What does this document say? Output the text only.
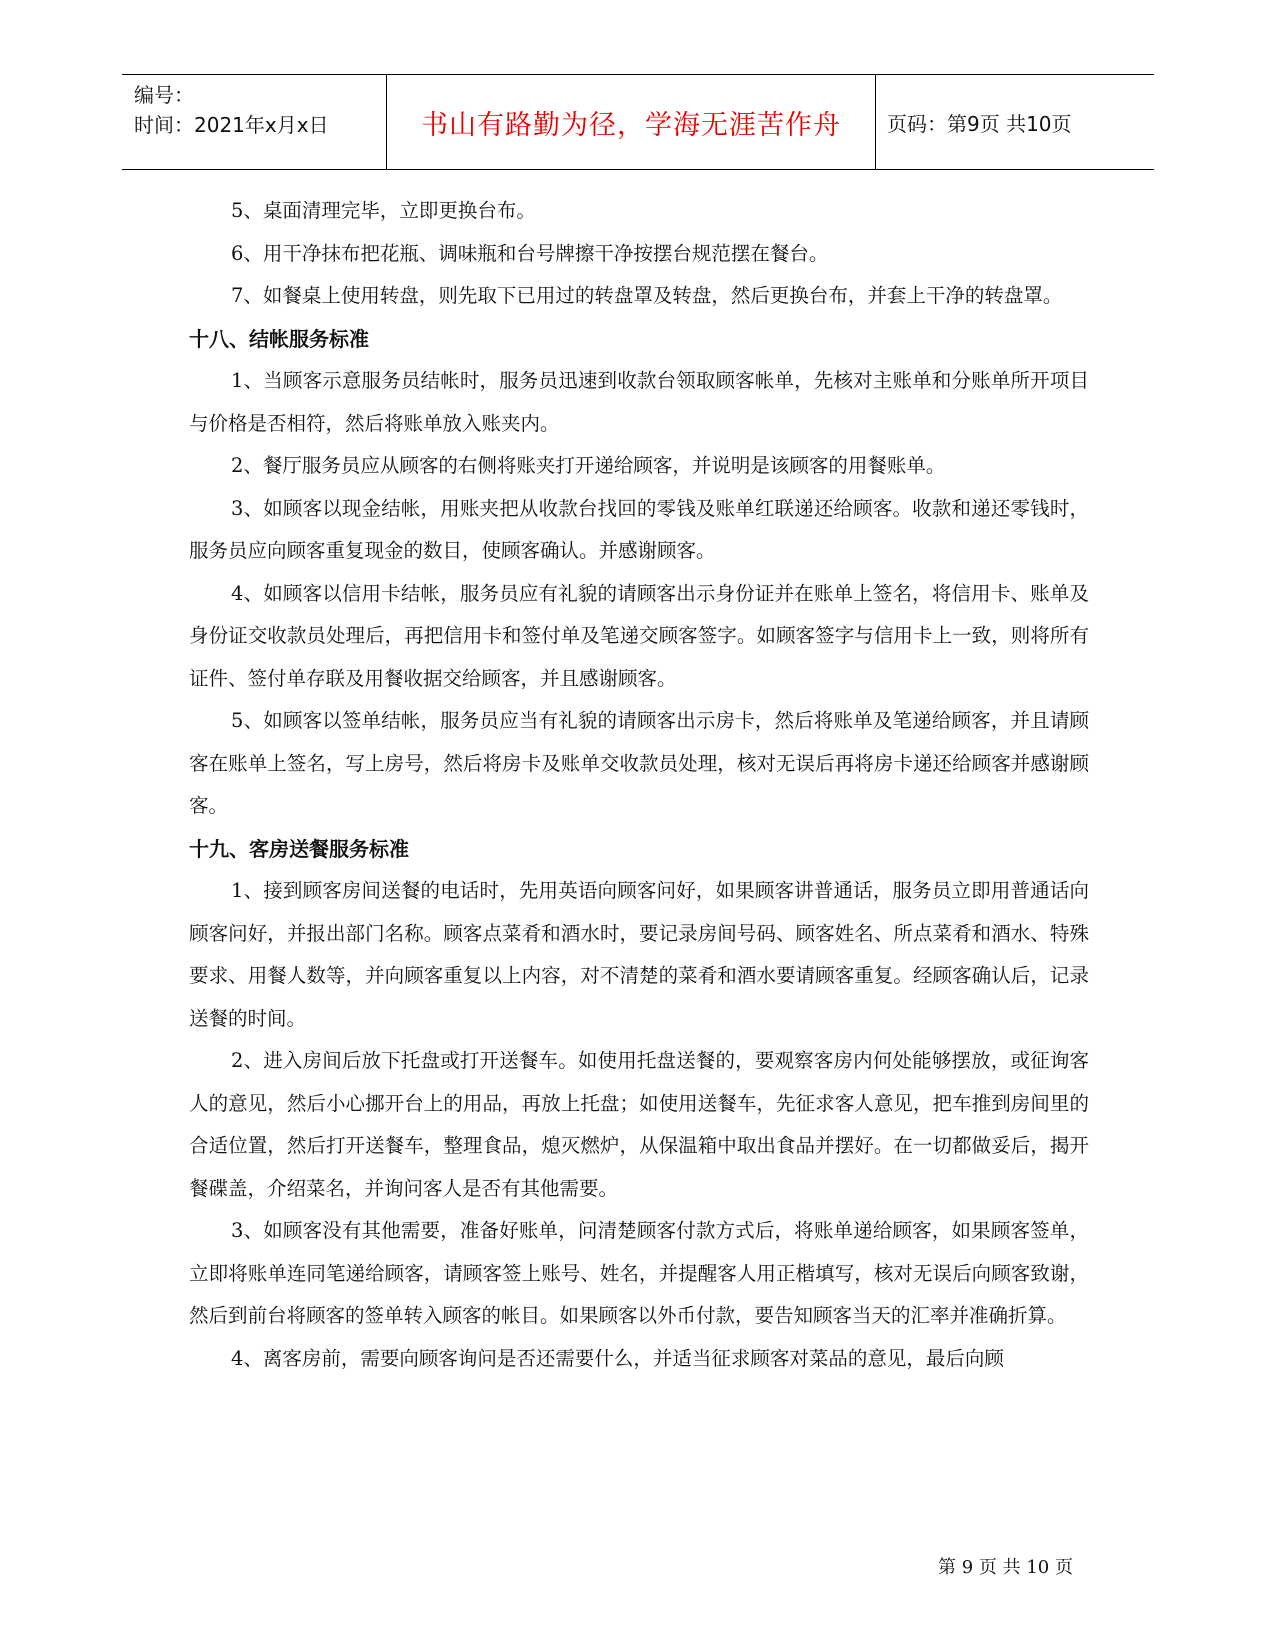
编号：
时间：2021年x月x日	书山有路勤为径，学海无涯苦作舟 页码：第9页 共10页

5、桌面清理完毕，立即更换台布。

6、用干净抹布把花瓶、调味瓶和台号牌擦干净按摆台规范摆在餐台。

7、如餐桌上使用转盘，则先取下已用过的转盘罩及转盘，然后更换台布，并套上干净的转盘罩。

十八、结帐服务标准

1、当顾客示意服务员结帐时，服务员迅速到收款台领取顾客帐单，先核对主账单和分账单所开项目与价格是否相符，然后将账单放入账夹内。

2、餐厅服务员应从顾客的右侧将账夹打开递给顾客，并说明是该顾客的用餐账单。

3、如顾客以现金结帐，用账夹把从收款台找回的零钱及账单红联递还给顾客。收款和递还零钱时，服务员应向顾客重复现金的数目，使顾客确认。并感谢顾客。

4、如顾客以信用卡结帐，服务员应有礼貌的请顾客出示身份证并在账单上签名，将信用卡、账单及身份证交收款员处理后，再把信用卡和签付单及笔递交顾客签字。如顾客签字与信用卡上一致，则将所有证件、签付单存联及用餐收据交给顾客，并且感谢顾客。

5、如顾客以签单结帐，服务员应当有礼貌的请顾客出示房卡，然后将账单及笔递给顾客，并且请顾客在账单上签名，写上房号，然后将房卡及账单交收款员处理，核对无误后再将房卡递还给顾客并感谢顾客。

十九、客房送餐服务标准

1、接到顾客房间送餐的电话时，先用英语向顾客问好，如果顾客讲普通话，服务员立即用普通话向顾客问好，并报出部门名称。顾客点菜肴和酒水时，要记录房间号码、顾客姓名、所点菜肴和酒水、特殊要求、用餐人数等，并向顾客重复以上内容，对不清楚的菜肴和酒水要请顾客重复。经顾客确认后，记录送餐的时间。

2、进入房间后放下托盘或打开送餐车。如使用托盘送餐的，要观察客房内何处能够摆放，或征询客人的意见，然后小心挪开台上的用品，再放上托盘；如使用送餐车，先征求客人意见，把车推到房间里的合适位置，然后打开送餐车，整理食品，熄灭燃炉，从保温箱中取出食品并摆好。在一切都做妥后，揭开餐碟盖，介绍菜名，并询问客人是否有其他需要。

3、如顾客没有其他需要，准备好账单，问清楚顾客付款方式后，将账单递给顾客，如果顾客签单，立即将账单连同笔递给顾客，请顾客签上账号、姓名，并提醒客人用正楷填写，核对无误后向顾客致谢，然后到前台将顾客的签单转入顾客的帐目。如果顾客以外币付款，要告知顾客当天的汇率并准确折算。

4、离客房前，需要向顾客询问是否还需要什么，并适当征求顾客对菜品的意见，最后向顾

第 9 页 共 10 页
